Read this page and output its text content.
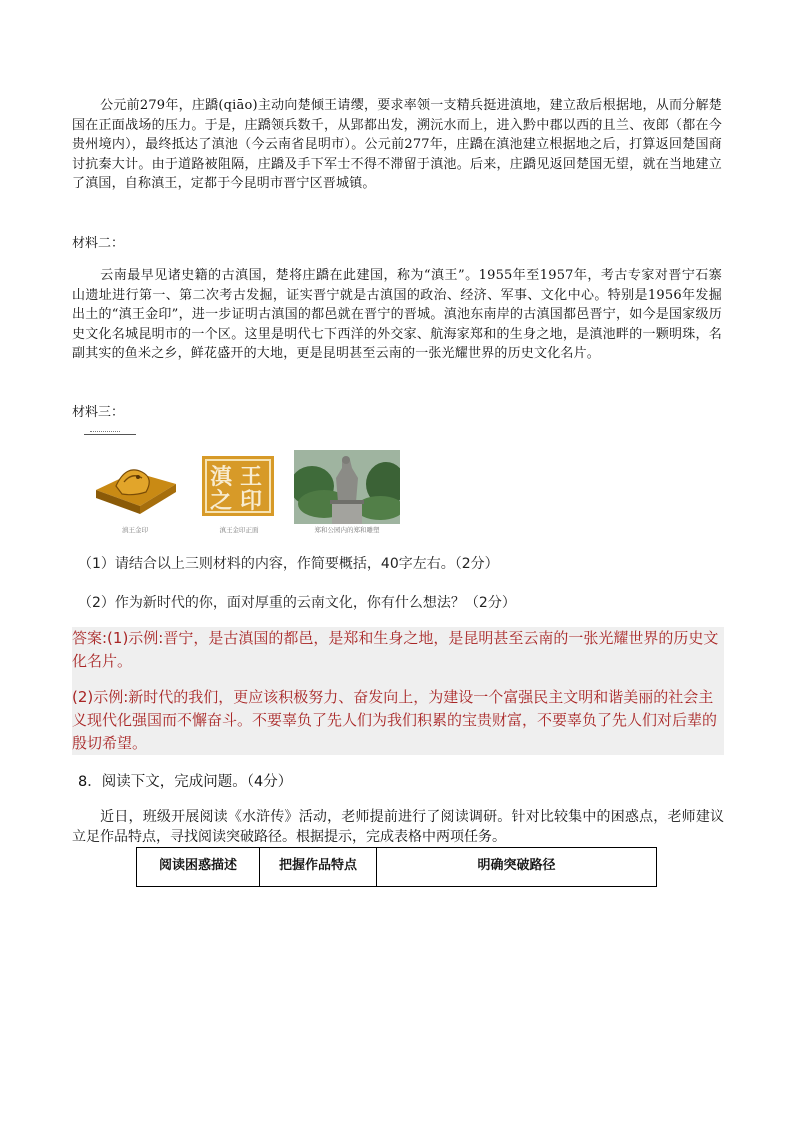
公元前279年，庄蹻(qiāo)主动向楚倾王请缨，要求率领一支精兵挺进滇地，建立敌后根据地，从而分解楚国在正面战场的压力。于是，庄蹻领兵数千，从郢都出发，溯沅水而上，进入黔中郡以西的且兰、夜郎（都在今贵州境内），最终抵达了滇池（今云南省昆明市）。公元前277年，庄蹻在滇池建立根据地之后，打算返回楚国商讨抗秦大计。由于道路被阻隔，庄蹻及手下军士不得不滞留于滇池。后来，庄蹻见返回楚国无望，就在当地建立了滇国，自称滇王，定都于今昆明市晋宁区晋城镇。
材料二：
云南最早见诸史籍的古滇国，楚将庄蹻在此建国，称为“滇王”。1955年至1957年，考古专家对晋宁石寨山遗址进行第一、第二次考古发掘，证实晋宁就是古滇国的政治、经济、军事、文化中心。特别是1956年发掘出土的“滇王金印”，进一步证明古滇国的都邑就在晋宁的晋城。滇池东南岸的古滇国都邑晋宁，如今是国家级历史文化名城昆明市的一个区。这里是明代七下西洋的外交家、航海家郑和的生身之地，是滇池畔的一颗明珠，名副其实的鱼米之乡，鲜花盛开的大地，更是昆明甚至云南的一张光耀世界的历史文化名片。
材料三：
滇王金印
滇 王
之 印
滇王金印正面	郑和公园内的郑和雕塑
（1）请结合以上三则材料的内容，作简要概括，40字左右。（2分）
（2）作为新时代的你，面对厚重的云南文化，你有什么想法？（2分）

答案:(1)示例:晋宁，是古滇国的都邑，是郑和生身之地，是昆明甚至云南的一张光耀世界的历史文化名片。

(2)示例:新时代的我们，更应该积极努力、奋发向上，为建设一个富强民主文明和谐美丽的社会主义现代化强国而不懈奋斗。不要辜负了先人们为我们积累的宝贵财富，不要辜负了先人们对后辈的殷切希望。

8．阅读下文，完成问题。（4分）
近日，班级开展阅读《水浒传》活动，老师提前进行了阅读调研。针对比较集中的困惑点，老师建议立足作品特点，寻找阅读突破路径。根据提示，完成表格中两项任务。
阅读困惑描述	把握作品特点	明确突破路径
